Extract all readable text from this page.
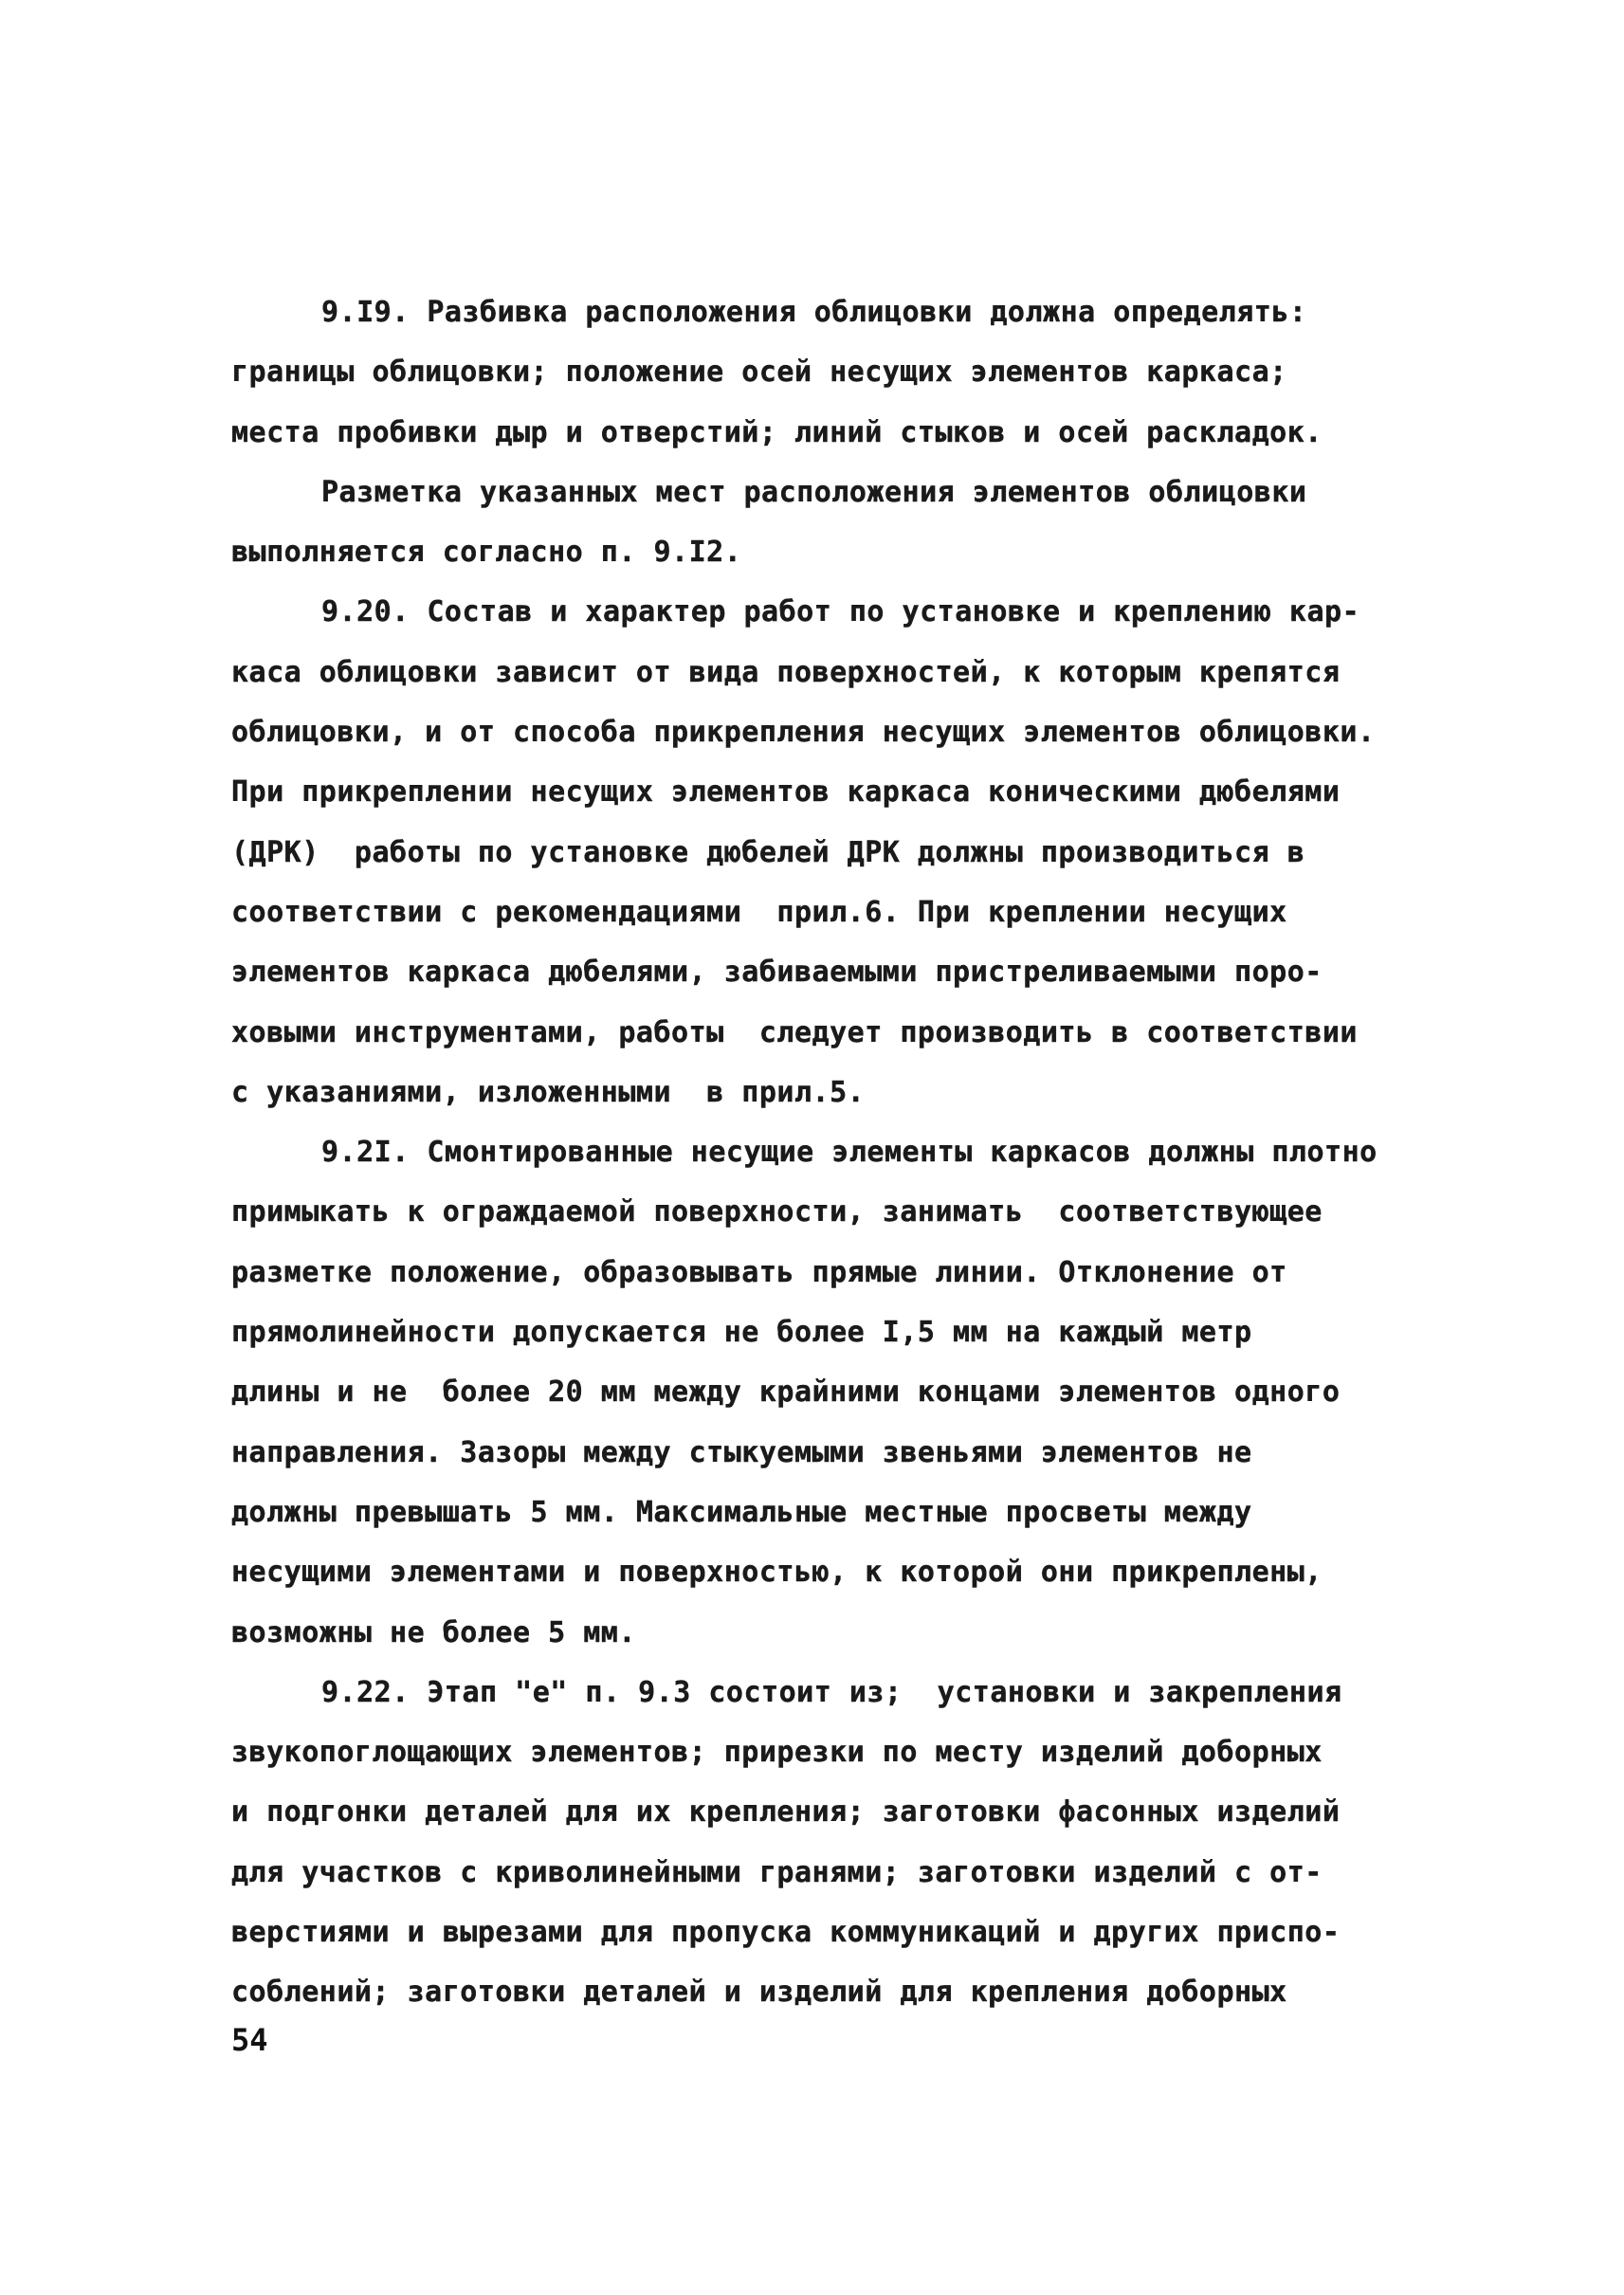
9.I9. Разбивка расположения облицовки должна определять:
границы облицовки; положение осей несущих элементов каркаса;
места пробивки дыр и отверстий; линий стыков и осей раскладок.
Разметка указанных мест расположения элементов облицовки
выполняется согласно п. 9.I2.
9.20. Состав и характер работ по установке и креплению кар-
каса облицовки зависит от вида поверхностей, к которым крепятся
облицовки, и от способа прикрепления несущих элементов облицовки.
При прикреплении несущих элементов каркаса коническими дюбелями
(ДРК)  работы по установке дюбелей ДРК должны производиться в
соответствии с рекомендациями  прил.6. При креплении несущих
элементов каркаса дюбелями, забиваемыми пристреливаемыми поро-
ховыми инструментами, работы  следует производить в соответствии
с указаниями, изложенными  в прил.5.
9.2I. Смонтированные несущие элементы каркасов должны плотно
примыкать к ограждаемой поверхности, занимать  соответствующее
разметке положение, образовывать прямые линии. Отклонение от
прямолинейности допускается не более I,5 мм на каждый метр
длины и не  более 20 мм между крайними концами элементов одного
направления. Зазоры между стыкуемыми звеньями элементов не
должны превышать 5 мм. Максимальные местные просветы между
несущими элементами и поверхностью, к которой они прикреплены,
возможны не более 5 мм.
9.22. Этап "е" п. 9.3 состоит из;  установки и закрепления
звукопоглощающих элементов; прирезки по месту изделий доборных
и подгонки деталей для их крепления; заготовки фасонных изделий
для участков с криволинейными гранями; заготовки изделий с от-
верстиями и вырезами для пропуска коммуникаций и других приспо-
соблений; заготовки деталей и изделий для крепления доборных
54
